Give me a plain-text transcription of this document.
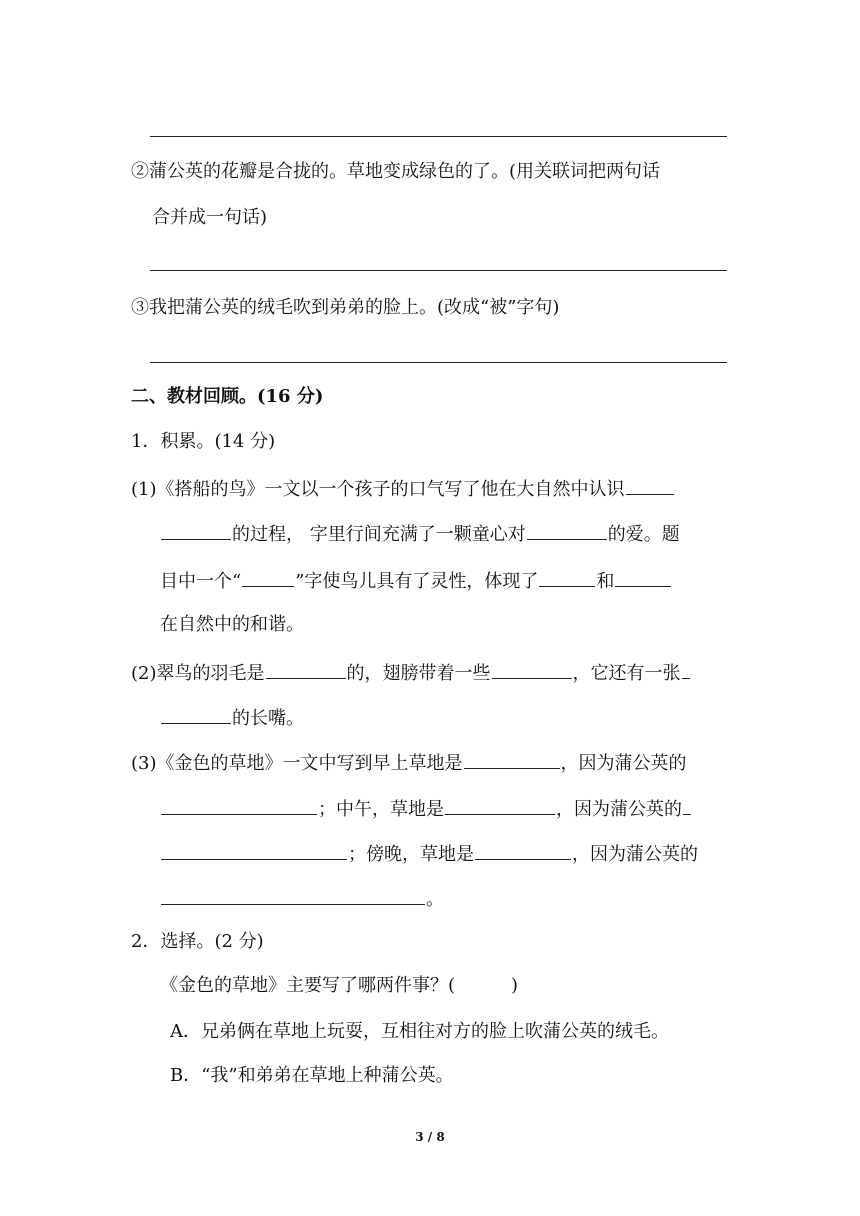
②蒲公英的花瓣是合拢的。草地变成绿色的了。(用关联词把两句话
合并成一句话)
③我把蒲公英的绒毛吹到弟弟的脸上。(改成“被”字句)
二、教材回顾。(16 分)
1．积累。(14 分)
(1)《搭船的鸟》一文以一个孩子的口气写了他在大自然中认识
的过程， 字里行间充满了一颗童心对	的爱。题
目中一个“	”字使鸟儿具有了灵性，体现了	和
在自然中的和谐。
(2)翠鸟的羽毛是	的，翅膀带着一些	，它还有一张
的长嘴。
(3)《金色的草地》一文中写到早上草地是	，因为蒲公英的
；中午，草地是	，因为蒲公英的
；傍晚，草地是	，因为蒲公英的
。
2．选择。(2 分)
《金色的草地》主要写了哪两件事？(	)
A．兄弟俩在草地上玩耍，互相往对方的脸上吹蒲公英的绒毛。
B．“我”和弟弟在草地上种蒲公英。
3 / 8
